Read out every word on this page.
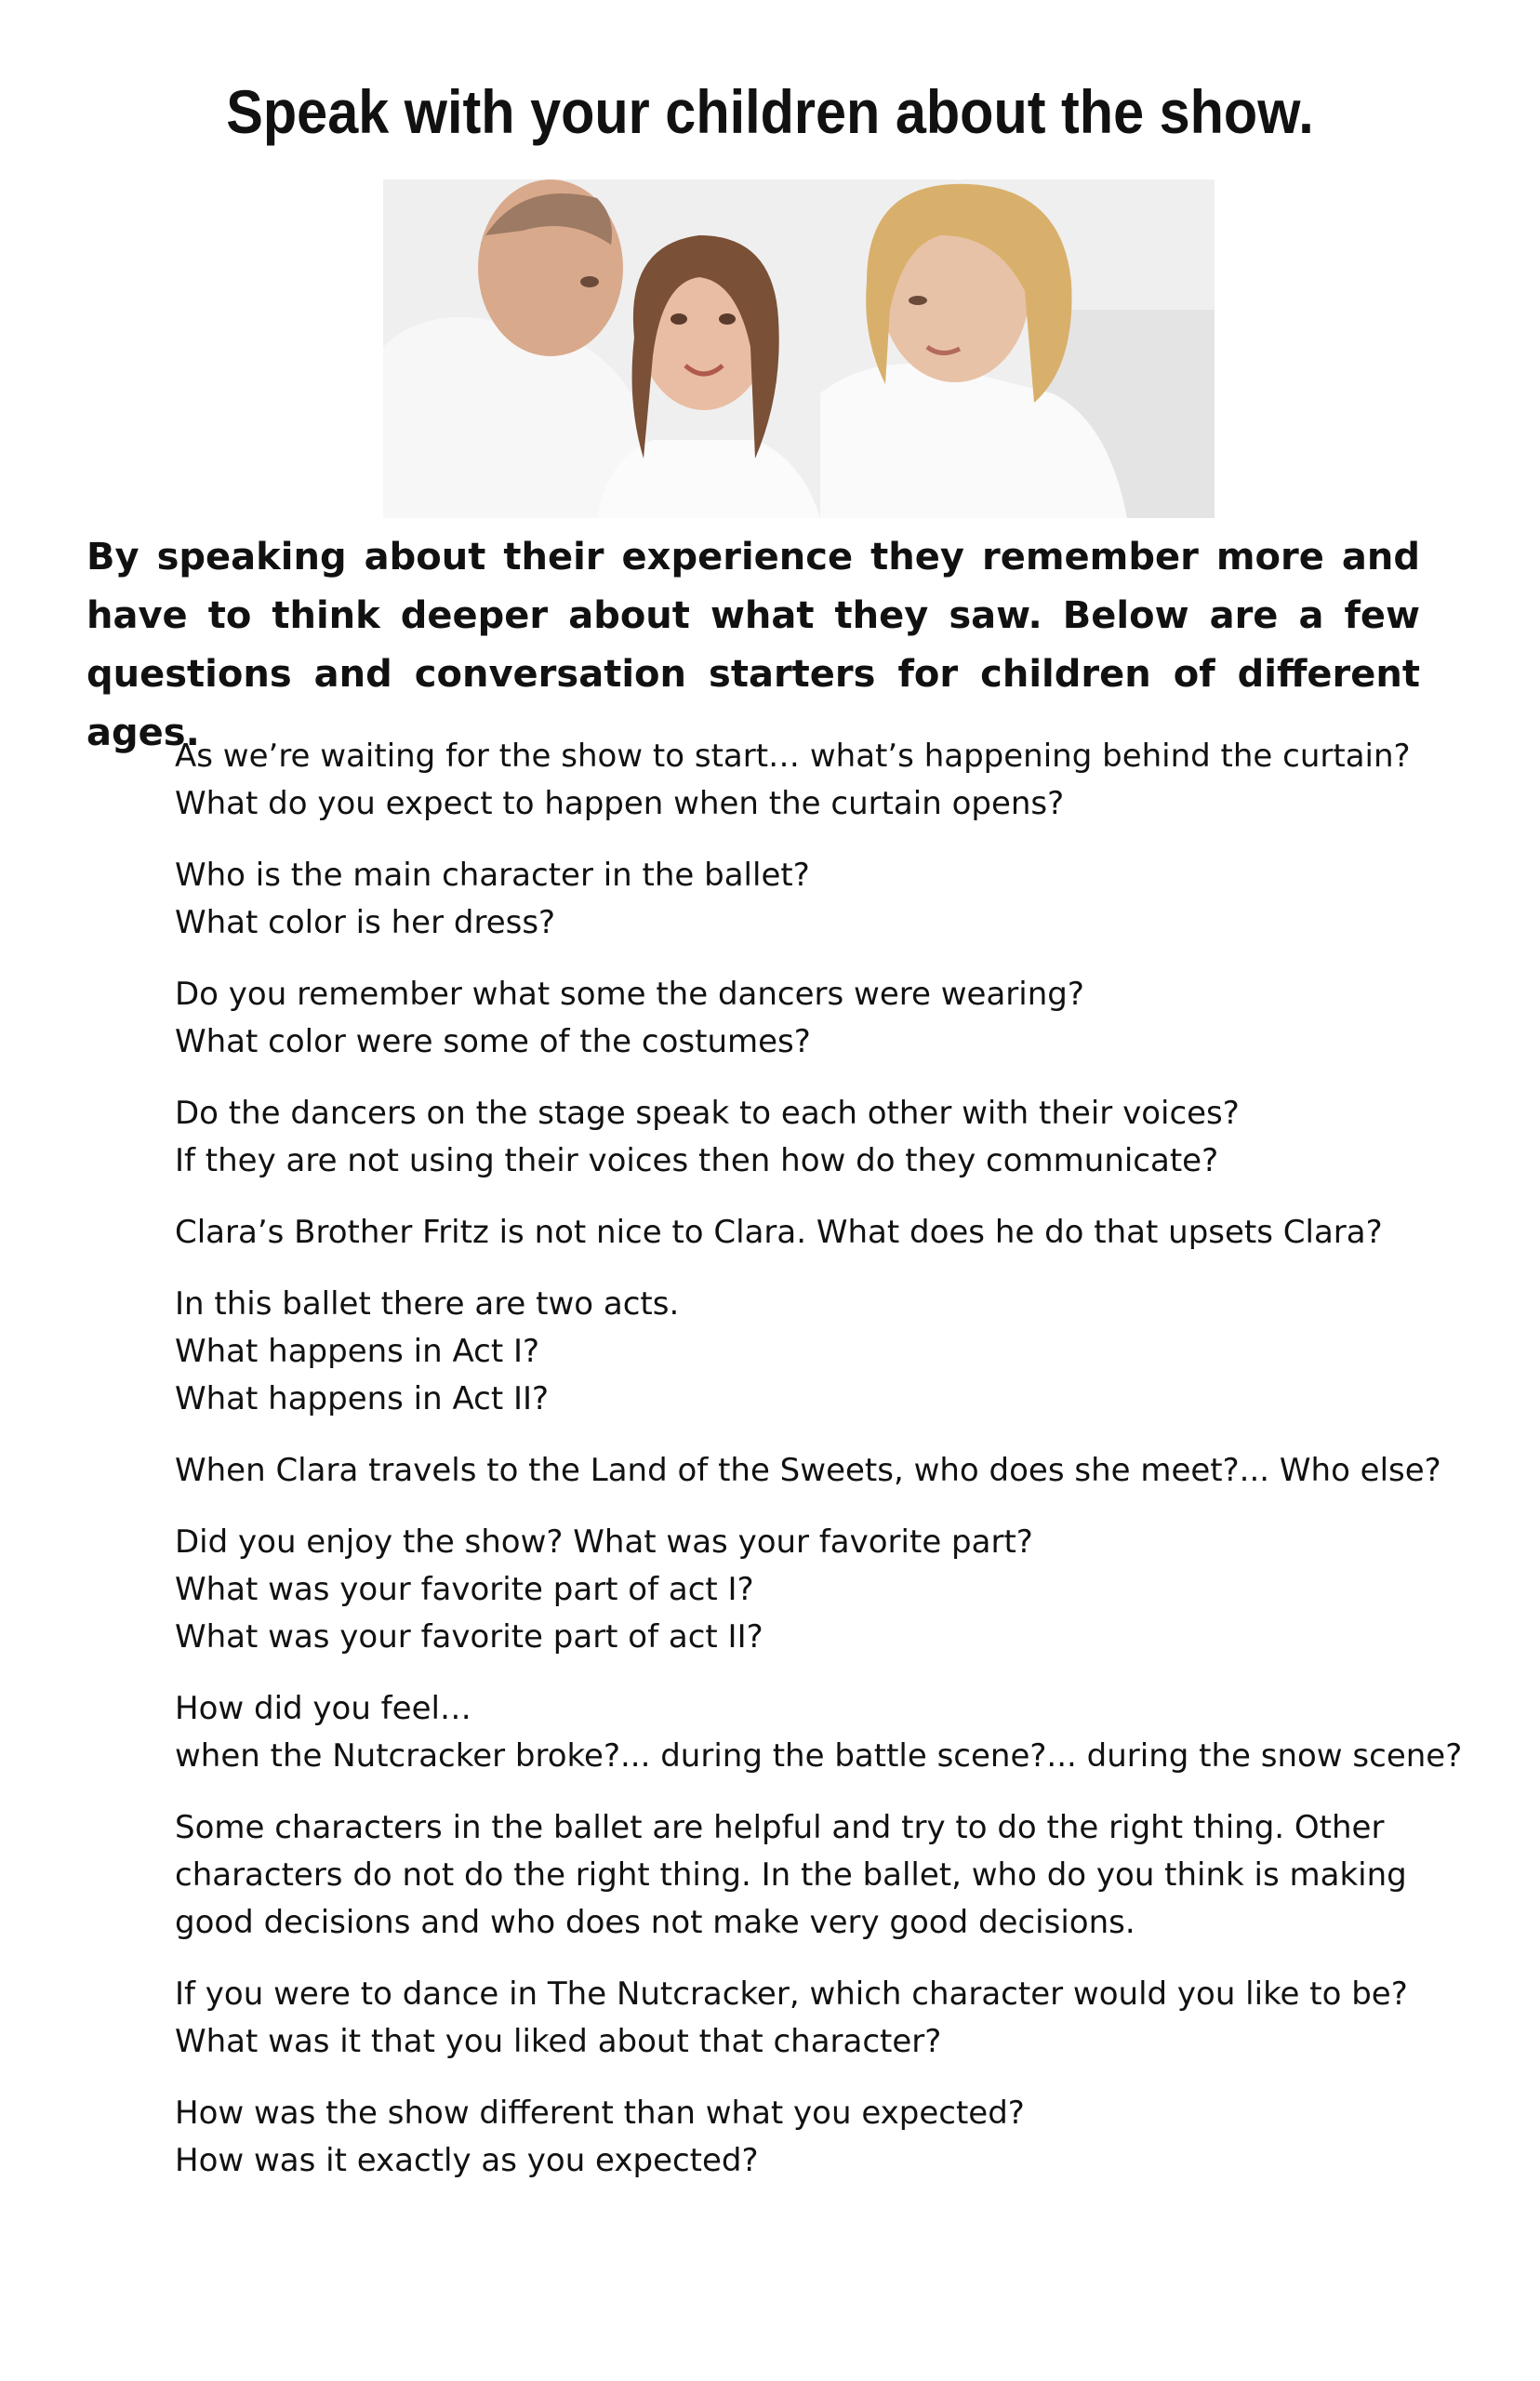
Speak with your children about the show.

By speaking about their experience they remember more and have to think deeper about what they saw. Below are a few questions and conversation starters for children of different ages.

As we’re waiting for the show to start… what’s happening behind the curtain?
What do you expect to happen when the curtain opens?
Who is the main character in the ballet?
What color is her dress?
Do you remember what some the dancers were wearing?
What color were some of the costumes?
Do the dancers on the stage speak to each other with their voices?
If they are not using their voices then how do they communicate?
Clara’s Brother Fritz is not nice to Clara. What does he do that upsets Clara?
In this ballet there are two acts.
What happens in Act I?
What happens in Act II?
When Clara travels to the Land of the Sweets, who does she meet?... Who else?
Did you enjoy the show? What was your favorite part?
What was your favorite part of act I?
What was your favorite part of act II?
How did you feel…
when the Nutcracker broke?... during the battle scene?... during the snow scene?
Some characters in the ballet are helpful and try to do the right thing. Other
characters do not do the right thing. In the ballet, who do you think is making
good decisions and who does not make very good decisions.
If you were to dance in The Nutcracker, which character would you like to be?
What was it that you liked about that character?
How was the show different than what you expected?
How was it exactly as you expected?
